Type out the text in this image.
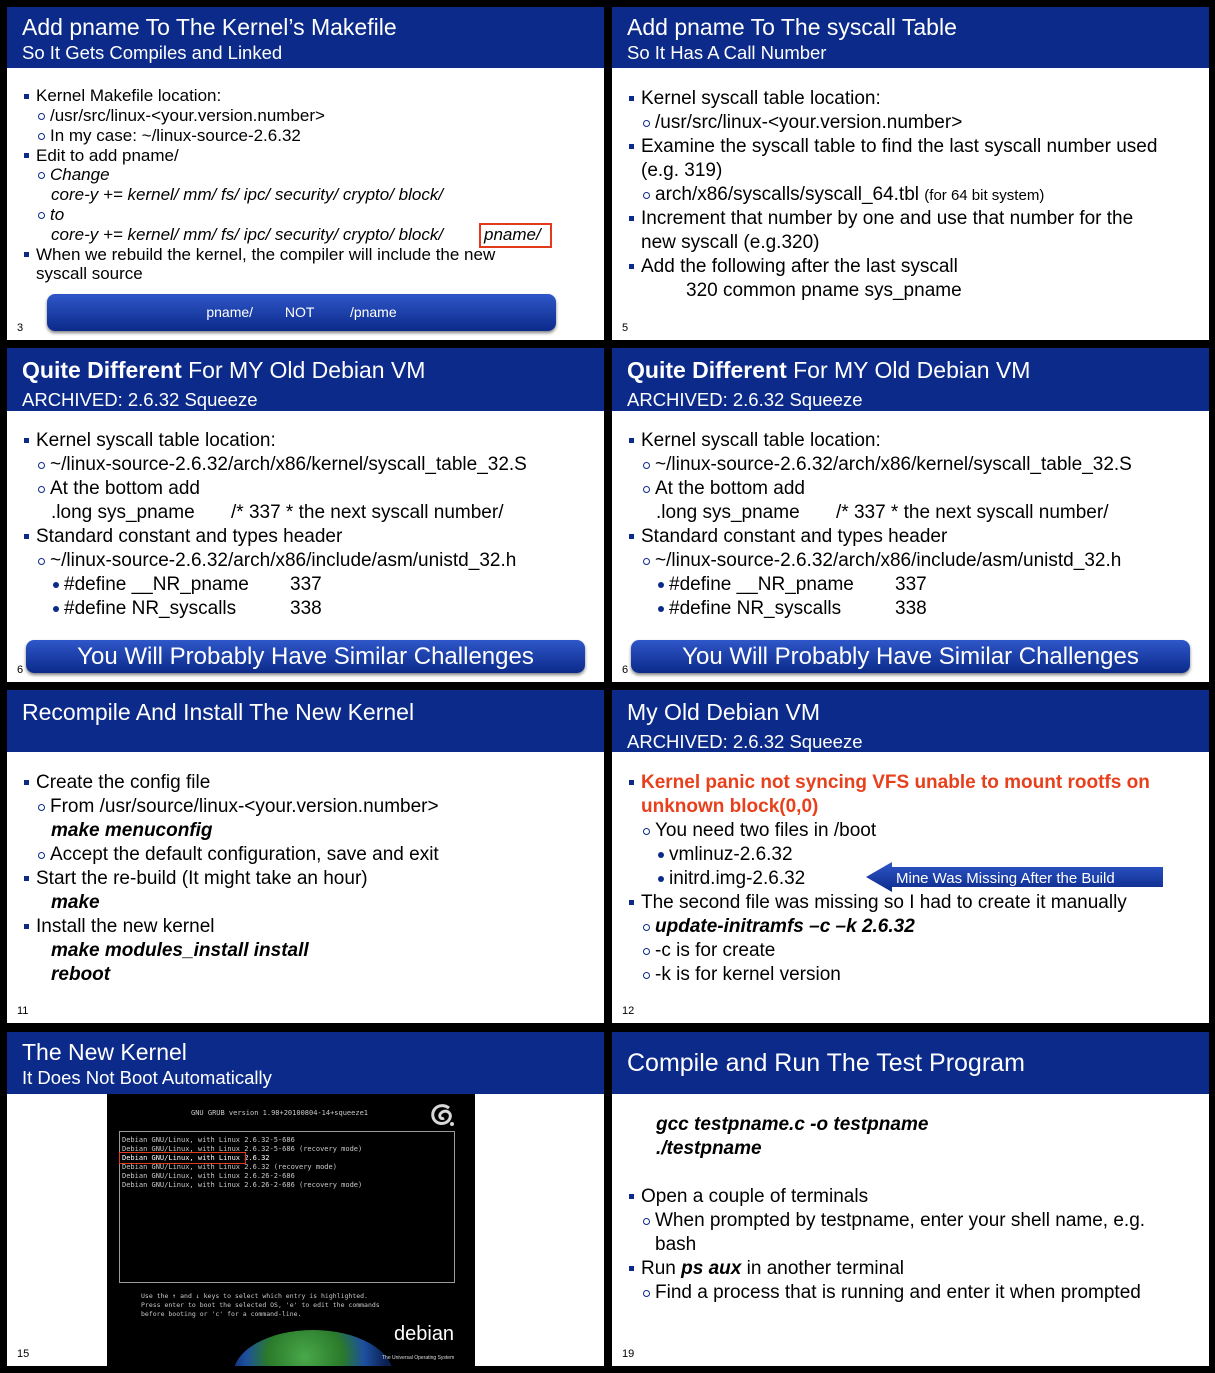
Add pname To The Kernel’s Makefile
So It Gets Compiles and Linked
Kernel Makefile location:
/usr/src/linux-<your.version.number>
In my case: ~/linux-source-2.6.32
Edit to add pname/
Change
core-y += kernel/ mm/ fs/ ipc/ security/ crypto/ block/
to
core-y += kernel/ mm/ fs/ ipc/ security/ crypto/ block/ pname/
When we rebuild the kernel, the compiler will include the new
syscall source
pname/ NOT	/pname
3
Add pname To The syscall Table
So It Has A Call Number
Kernel syscall table location:
/usr/src/linux-<your.version.number>
Examine the syscall table to find the last syscall number used
(e.g. 319)
arch/x86/syscalls/syscall_64.tbl (for 64 bit system)
Increment that number by one and use that number for the
new syscall (e.g.320)
Add the following after the last syscall
320 common pname sys_pname
5
Quite Different For MY Old Debian VM
ARCHIVED: 2.6.32 Squeeze
Kernel syscall table location:
~/linux-source-2.6.32/arch/x86/kernel/syscall_table_32.S
At the bottom add
.long sys_pname /* 337 * the next syscall number/
Standard constant and types header
~/linux-source-2.6.32/arch/x86/include/asm/unistd_32.h
#define __NR_pname 337
#define NR_syscalls	338
You Will Probably Have Similar Challenges
6
Quite Different For MY Old Debian VM
ARCHIVED: 2.6.32 Squeeze
Kernel syscall table location:
~/linux-source-2.6.32/arch/x86/kernel/syscall_table_32.S
At the bottom add
.long sys_pname /* 337 * the next syscall number/
Standard constant and types header
~/linux-source-2.6.32/arch/x86/include/asm/unistd_32.h
#define __NR_pname 337
#define NR_syscalls	338
You Will Probably Have Similar Challenges
6
Recompile And Install The New Kernel
Create the config file
From /usr/source/linux-<your.version.number>
make menuconfig
Accept the default configuration, save and exit
Start the re-build (It might take an hour)
make
Install the new kernel
make modules_install install
reboot
11
My Old Debian VM
ARCHIVED: 2.6.32 Squeeze
Kernel panic not syncing VFS unable to mount rootfs on
unknown block(0,0)
You need two files in /boot
vmlinuz-2.6.32
initrd.img-2.6.32	Mine Was Missing After the Build
The second file was missing so I had to create it manually
update-initramfs –c –k 2.6.32
-c is for create
-k is for kernel version
12
The New Kernel
It Does Not Boot Automatically
GNU GRUB version 1.98+20100804-14+squeeze1
Debian GNU/Linux, with Linux 2.6.32-5-686
Debian GNU/Linux, with Linux 2.6.32-5-686 (recovery mode)
Debian GNU/Linux, with Linux 2.6.32
Debian GNU/Linux, with Linux 2.6.32 (recovery mode)
Debian GNU/Linux, with Linux 2.6.26-2-686
Debian GNU/Linux, with Linux 2.6.26-2-686 (recovery mode)
Use the ↑ and ↓ keys to select which entry is highlighted.
Press enter to boot the selected OS, 'e' to edit the commands
before booting or 'c' for a command-line.
debian
The Universal Operating System
15
Compile and Run The Test Program
gcc testpname.c -o testpname
./testpname
Open a couple of terminals
When prompted by testpname, enter your shell name, e.g.
bash
Run ps aux in another terminal
Find a process that is running and enter it when prompted
19
